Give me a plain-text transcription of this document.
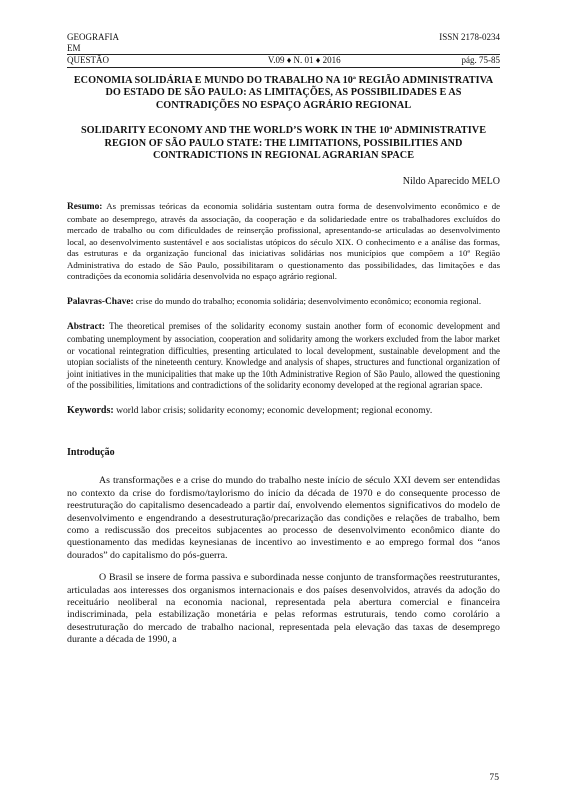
GEOGRAFIA	ISSN 2178-0234
EM
QUESTÃO	V.09 ♦ N. 01 ♦ 2016	pág. 75-85
ECONOMIA SOLIDÁRIA E MUNDO DO TRABALHO NA 10ª REGIÃO ADMINISTRATIVA DO ESTADO DE SÃO PAULO: AS LIMITAÇÕES, AS POSSIBILIDADES E AS CONTRADIÇÕES NO ESPAÇO AGRÁRIO REGIONAL
SOLIDARITY ECONOMY AND THE WORLD’S WORK IN THE 10ª ADMINISTRATIVE REGION OF SÃO PAULO STATE: THE LIMITATIONS, POSSIBILITIES AND CONTRADICTIONS IN REGIONAL AGRARIAN SPACE
Nildo Aparecido MELO
Resumo: As premissas teóricas da economia solidária sustentam outra forma de desenvolvimento econômico e de combate ao desemprego, através da associação, da cooperação e da solidariedade entre os trabalhadores excluídos do mercado de trabalho ou com dificuldades de reinserção profissional, apresentando-se articuladas ao desenvolvimento local, ao desenvolvimento sustentável e aos socialistas utópicos do século XIX. O conhecimento e a análise das formas, das estruturas e da organização funcional das iniciativas solidárias nos municípios que compõem a 10ª Região Administrativa do estado de São Paulo, possibilitaram o questionamento das possibilidades, das limitações e das contradições da economia solidária desenvolvida no espaço agrário regional.
Palavras-Chave: crise do mundo do trabalho; economia solidária; desenvolvimento econômico; economia regional.
Abstract: The theoretical premises of the solidarity economy sustain another form of economic development and combating unemployment by association, cooperation and solidarity among the workers excluded from the labor market or vocational reintegration difficulties, presenting articulated to local development, sustainable development and the utopian socialists of the nineteenth century. Knowledge and analysis of shapes, structures and functional organization of joint initiatives in the municipalities that make up the 10th Administrative Region of São Paulo, allowed the questioning of the possibilities, limitations and contradictions of the solidarity economy developed at the regional agrarian space.
Keywords: world labor crisis; solidarity economy; economic development; regional economy.
Introdução

As transformações e a crise do mundo do trabalho neste início de século XXI devem ser entendidas no contexto da crise do fordismo/taylorismo do início da década de 1970 e do consequente processo de reestruturação do capitalismo desencadeado a partir daí, envolvendo elementos significativos do modelo de desenvolvimento e engendrando a desestruturação/precarização das condições e relações de trabalho, bem como a rediscussão dos preceitos subjacentes ao processo de desenvolvimento econômico diante do questionamento das medidas keynesianas de incentivo ao investimento e ao emprego formal dos “anos dourados” do capitalismo do pós-guerra.

O Brasil se insere de forma passiva e subordinada nesse conjunto de transformações reestruturantes, articuladas aos interesses dos organismos internacionais e dos países desenvolvidos, através da adoção do receituário neoliberal na economia nacional, representada pela abertura comercial e financeira indiscriminada, pela estabilização monetária e pelas reformas estruturais, tendo como corolário a desestruturação do mercado de trabalho nacional, representada pela elevação das taxas de desemprego durante a década de 1990, a

75
